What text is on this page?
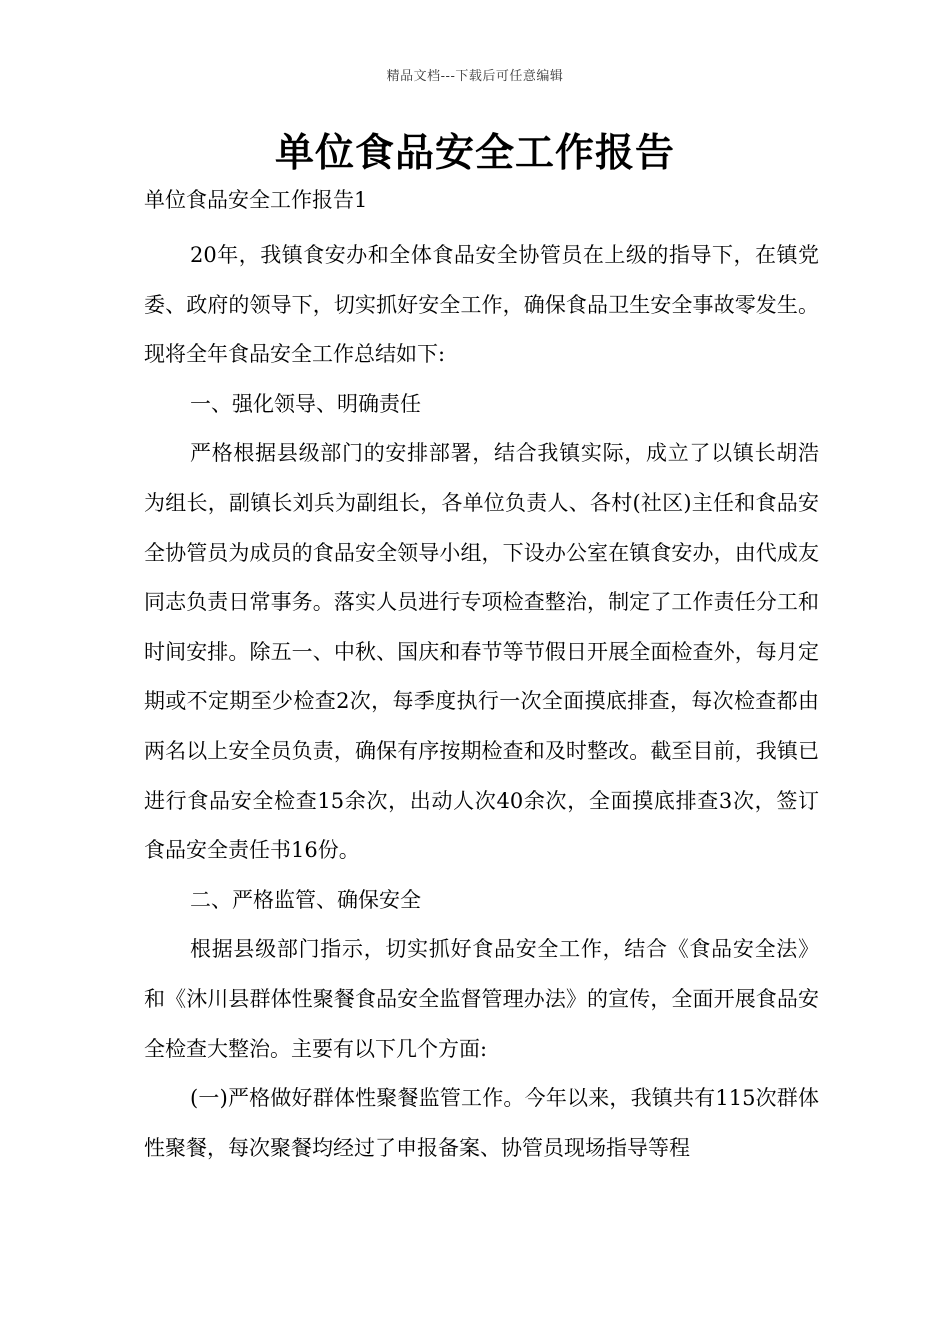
精品文档---下载后可任意编辑
单位食品安全工作报告

单位食品安全工作报告1

20年，我镇食安办和全体食品安全协管员在上级的指导下，在镇党委、政府的领导下，切实抓好安全工作，确保食品卫生安全事故零发生。现将全年食品安全工作总结如下:

一、强化领导、明确责任

严格根据县级部门的安排部署，结合我镇实际，成立了以镇长胡浩为组长，副镇长刘兵为副组长，各单位负责人、各村(社区)主任和食品安全协管员为成员的食品安全领导小组，下设办公室在镇食安办，由代成友同志负责日常事务。落实人员进行专项检查整治，制定了工作责任分工和时间安排。除五一、中秋、国庆和春节等节假日开展全面检查外，每月定期或不定期至少检查2次，每季度执行一次全面摸底排查，每次检查都由两名以上安全员负责，确保有序按期检查和及时整改。截至目前，我镇已进行食品安全检查15余次，出动人次40余次，全面摸底排查3次，签订食品安全责任书16份。

二、严格监管、确保安全

根据县级部门指示，切实抓好食品安全工作，结合《食品安全法》和《沐川县群体性聚餐食品安全监督管理办法》的宣传，全面开展食品安全检查大整治。主要有以下几个方面:

(一)严格做好群体性聚餐监管工作。今年以来，我镇共有115次群体性聚餐，每次聚餐均经过了申报备案、协管员现场指导等程
